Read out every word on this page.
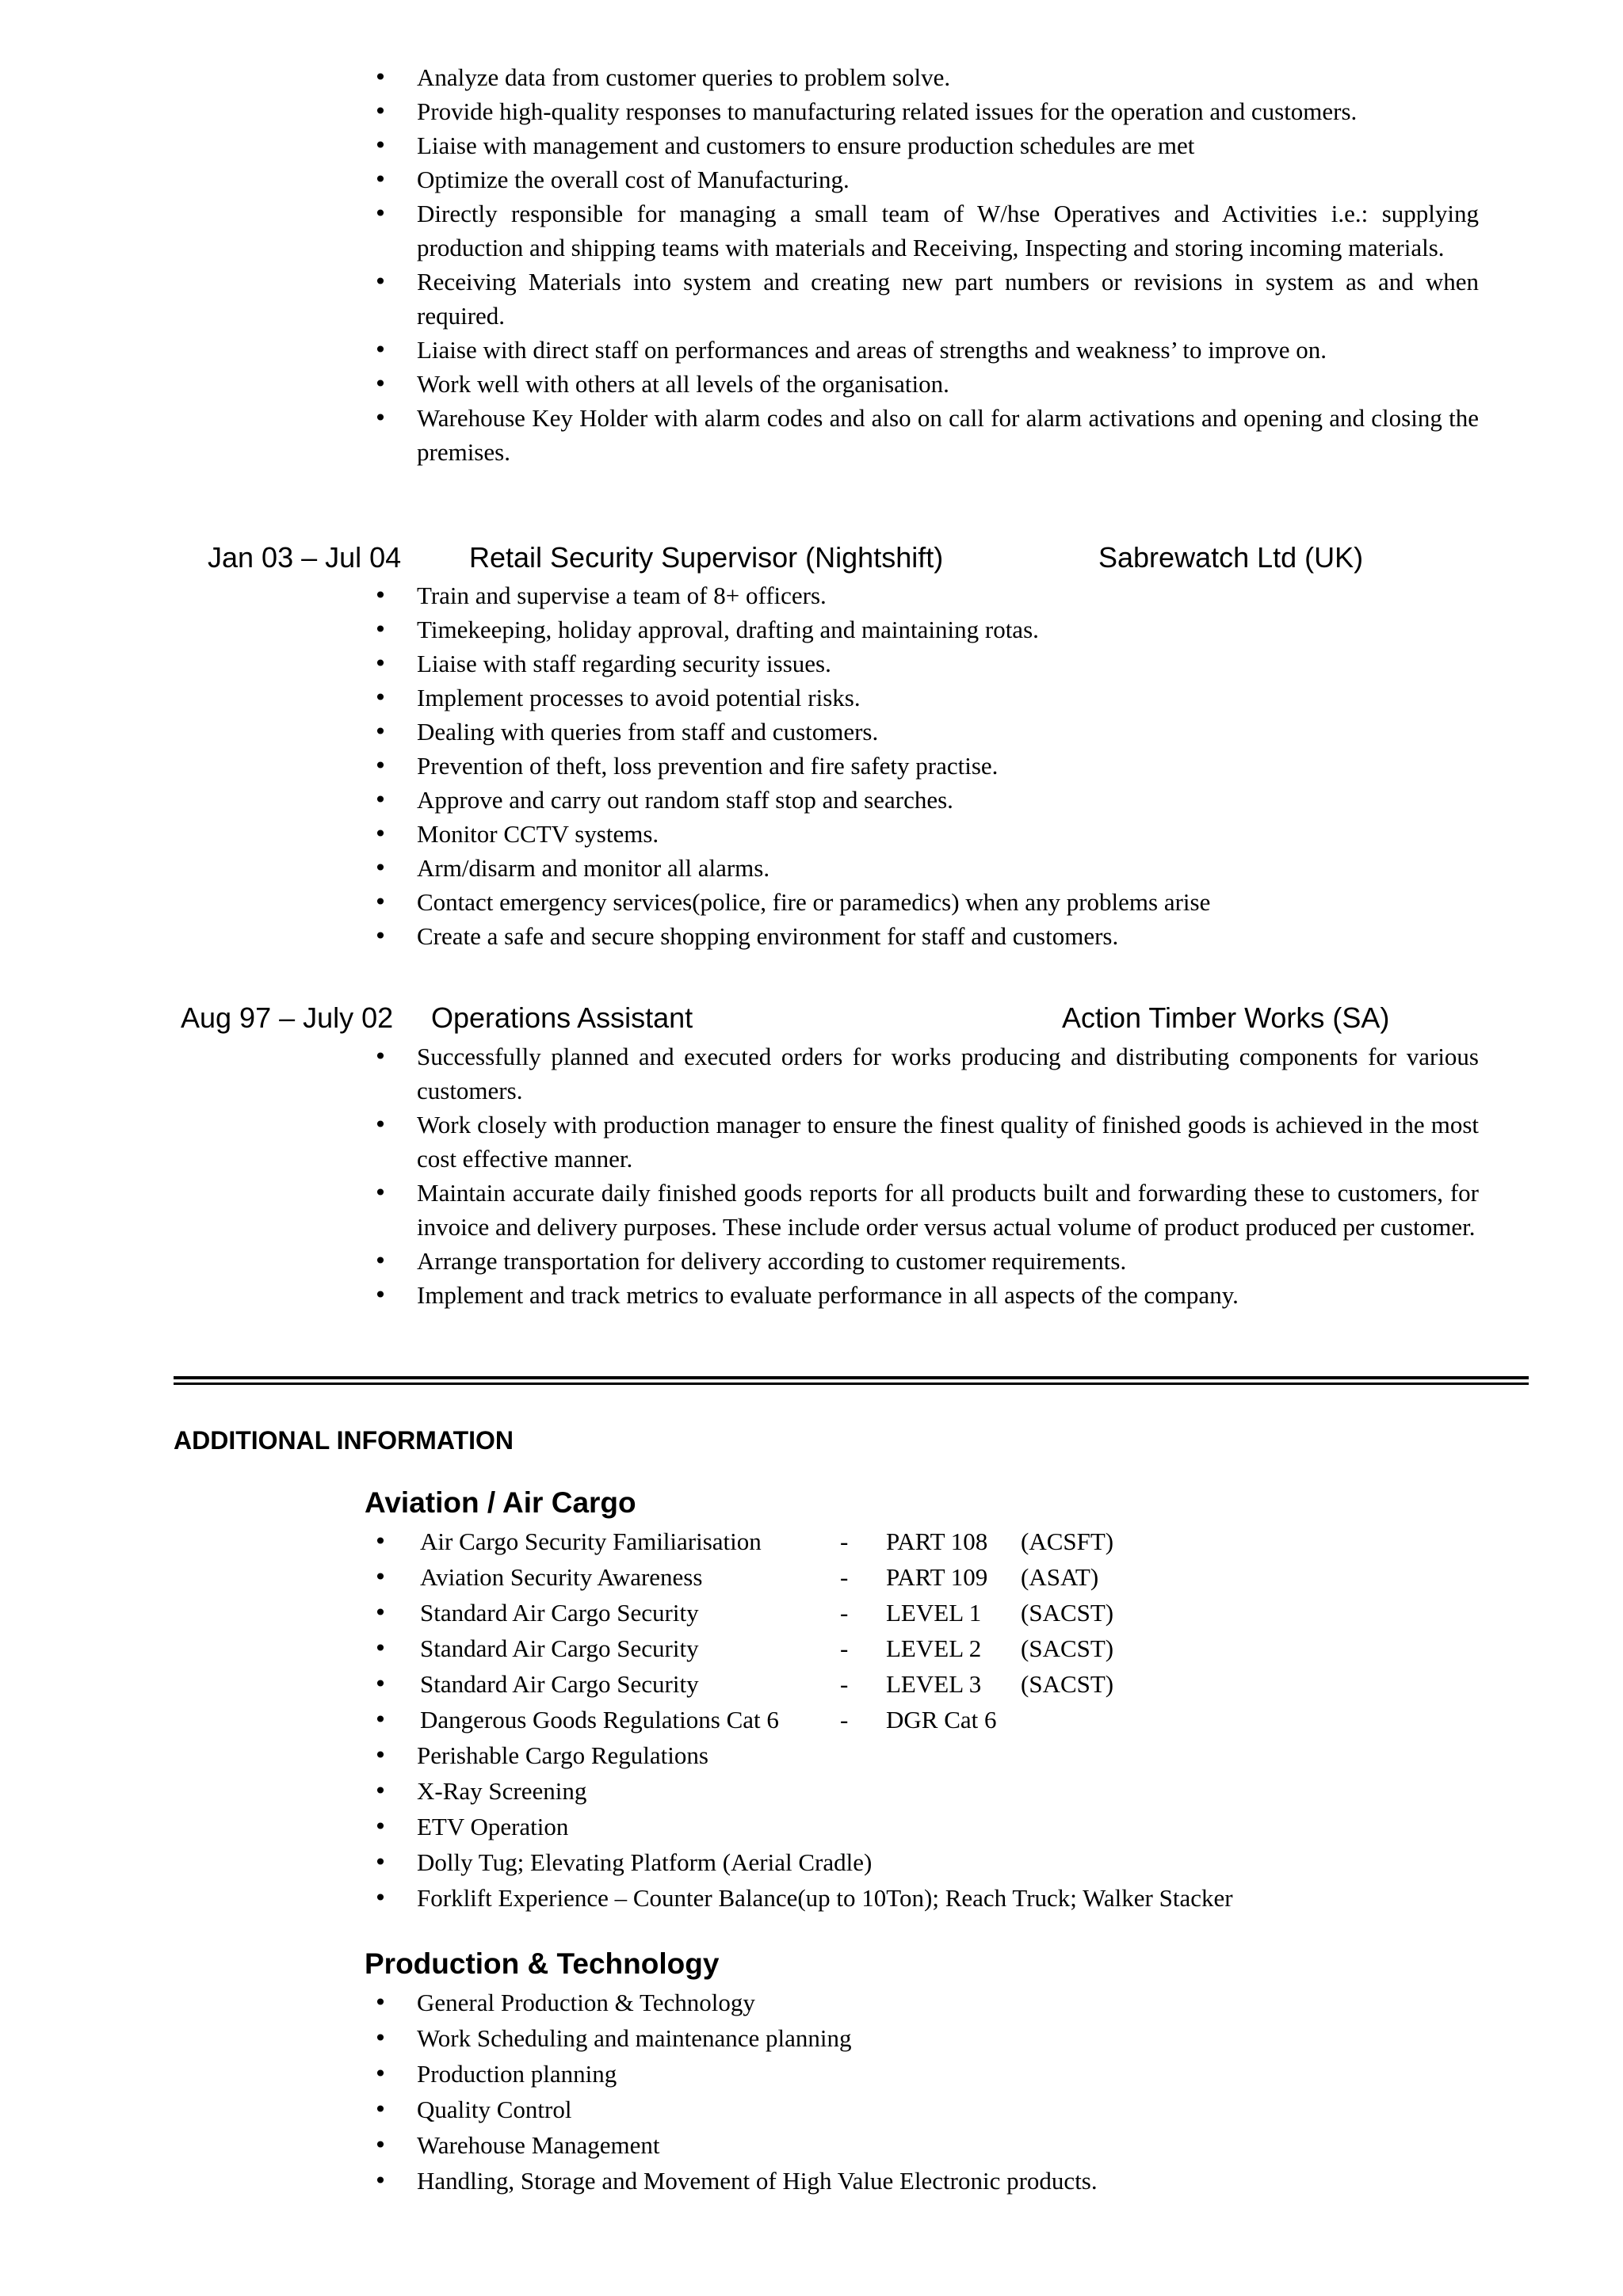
• Analyze data from customer queries to problem solve.
• Provide high-quality responses to manufacturing related issues for the operation and customers.
• Liaise with management and customers to ensure production schedules are met
• Optimize the overall cost of Manufacturing.
• Directly responsible for managing a small team of W/hse Operatives and Activities i.e.: supplying production and shipping teams with materials and Receiving, Inspecting and storing incoming materials.
• Receiving Materials into system and creating new part numbers or revisions in system as and when required.
• Liaise with direct staff on performances and areas of strengths and weakness’ to improve on.
• Work well with others at all levels of the organisation.
• Warehouse Key Holder with alarm codes and also on call for alarm activations and opening and closing the premises.
Jan 03 – Jul 04 Retail Security Supervisor (Nightshift)	Sabrewatch Ltd (UK)
• Train and supervise a team of 8+ officers.
• Timekeeping, holiday approval, drafting and maintaining rotas.
• Liaise with staff regarding security issues.
• Implement processes to avoid potential risks.
• Dealing with queries from staff and customers.
• Prevention of theft, loss prevention and fire safety practise.
• Approve and carry out random staff stop and searches.
• Monitor CCTV systems.
• Arm/disarm and monitor all alarms.
• Contact emergency services(police, fire or paramedics) when any problems arise
• Create a safe and secure shopping environment for staff and customers.
Aug 97 – July 02 Operations Assistant	Action Timber Works (SA)
• Successfully planned and executed orders for works producing and distributing components for various customers.
• Work closely with production manager to ensure the finest quality of finished goods is achieved in the most cost effective manner.
• Maintain accurate daily finished goods reports for all products built and forwarding these to customers, for invoice and delivery purposes. These include order versus actual volume of product produced per customer.
• Arrange transportation for delivery according to customer requirements.
• Implement and track metrics to evaluate performance in all aspects of the company.
ADDITIONAL INFORMATION
Aviation / Air Cargo
• Air Cargo Security Familiarisation	- PART 108 (ACSFT)
• Aviation Security Awareness	- PART 109 (ASAT)
• Standard Air Cargo Security	- LEVEL 1 (SACST)
• Standard Air Cargo Security	- LEVEL 2 (SACST)
• Standard Air Cargo Security	- LEVEL 3 (SACST)
• Dangerous Goods Regulations Cat 6 - DGR Cat 6
• Perishable Cargo Regulations
• X-Ray Screening
• ETV Operation
• Dolly Tug; Elevating Platform (Aerial Cradle)
• Forklift Experience – Counter Balance(up to 10Ton); Reach Truck; Walker Stacker
Production & Technology
• General Production & Technology
• Work Scheduling and maintenance planning
• Production planning
• Quality Control
• Warehouse Management
• Handling, Storage and Movement of High Value Electronic products.
